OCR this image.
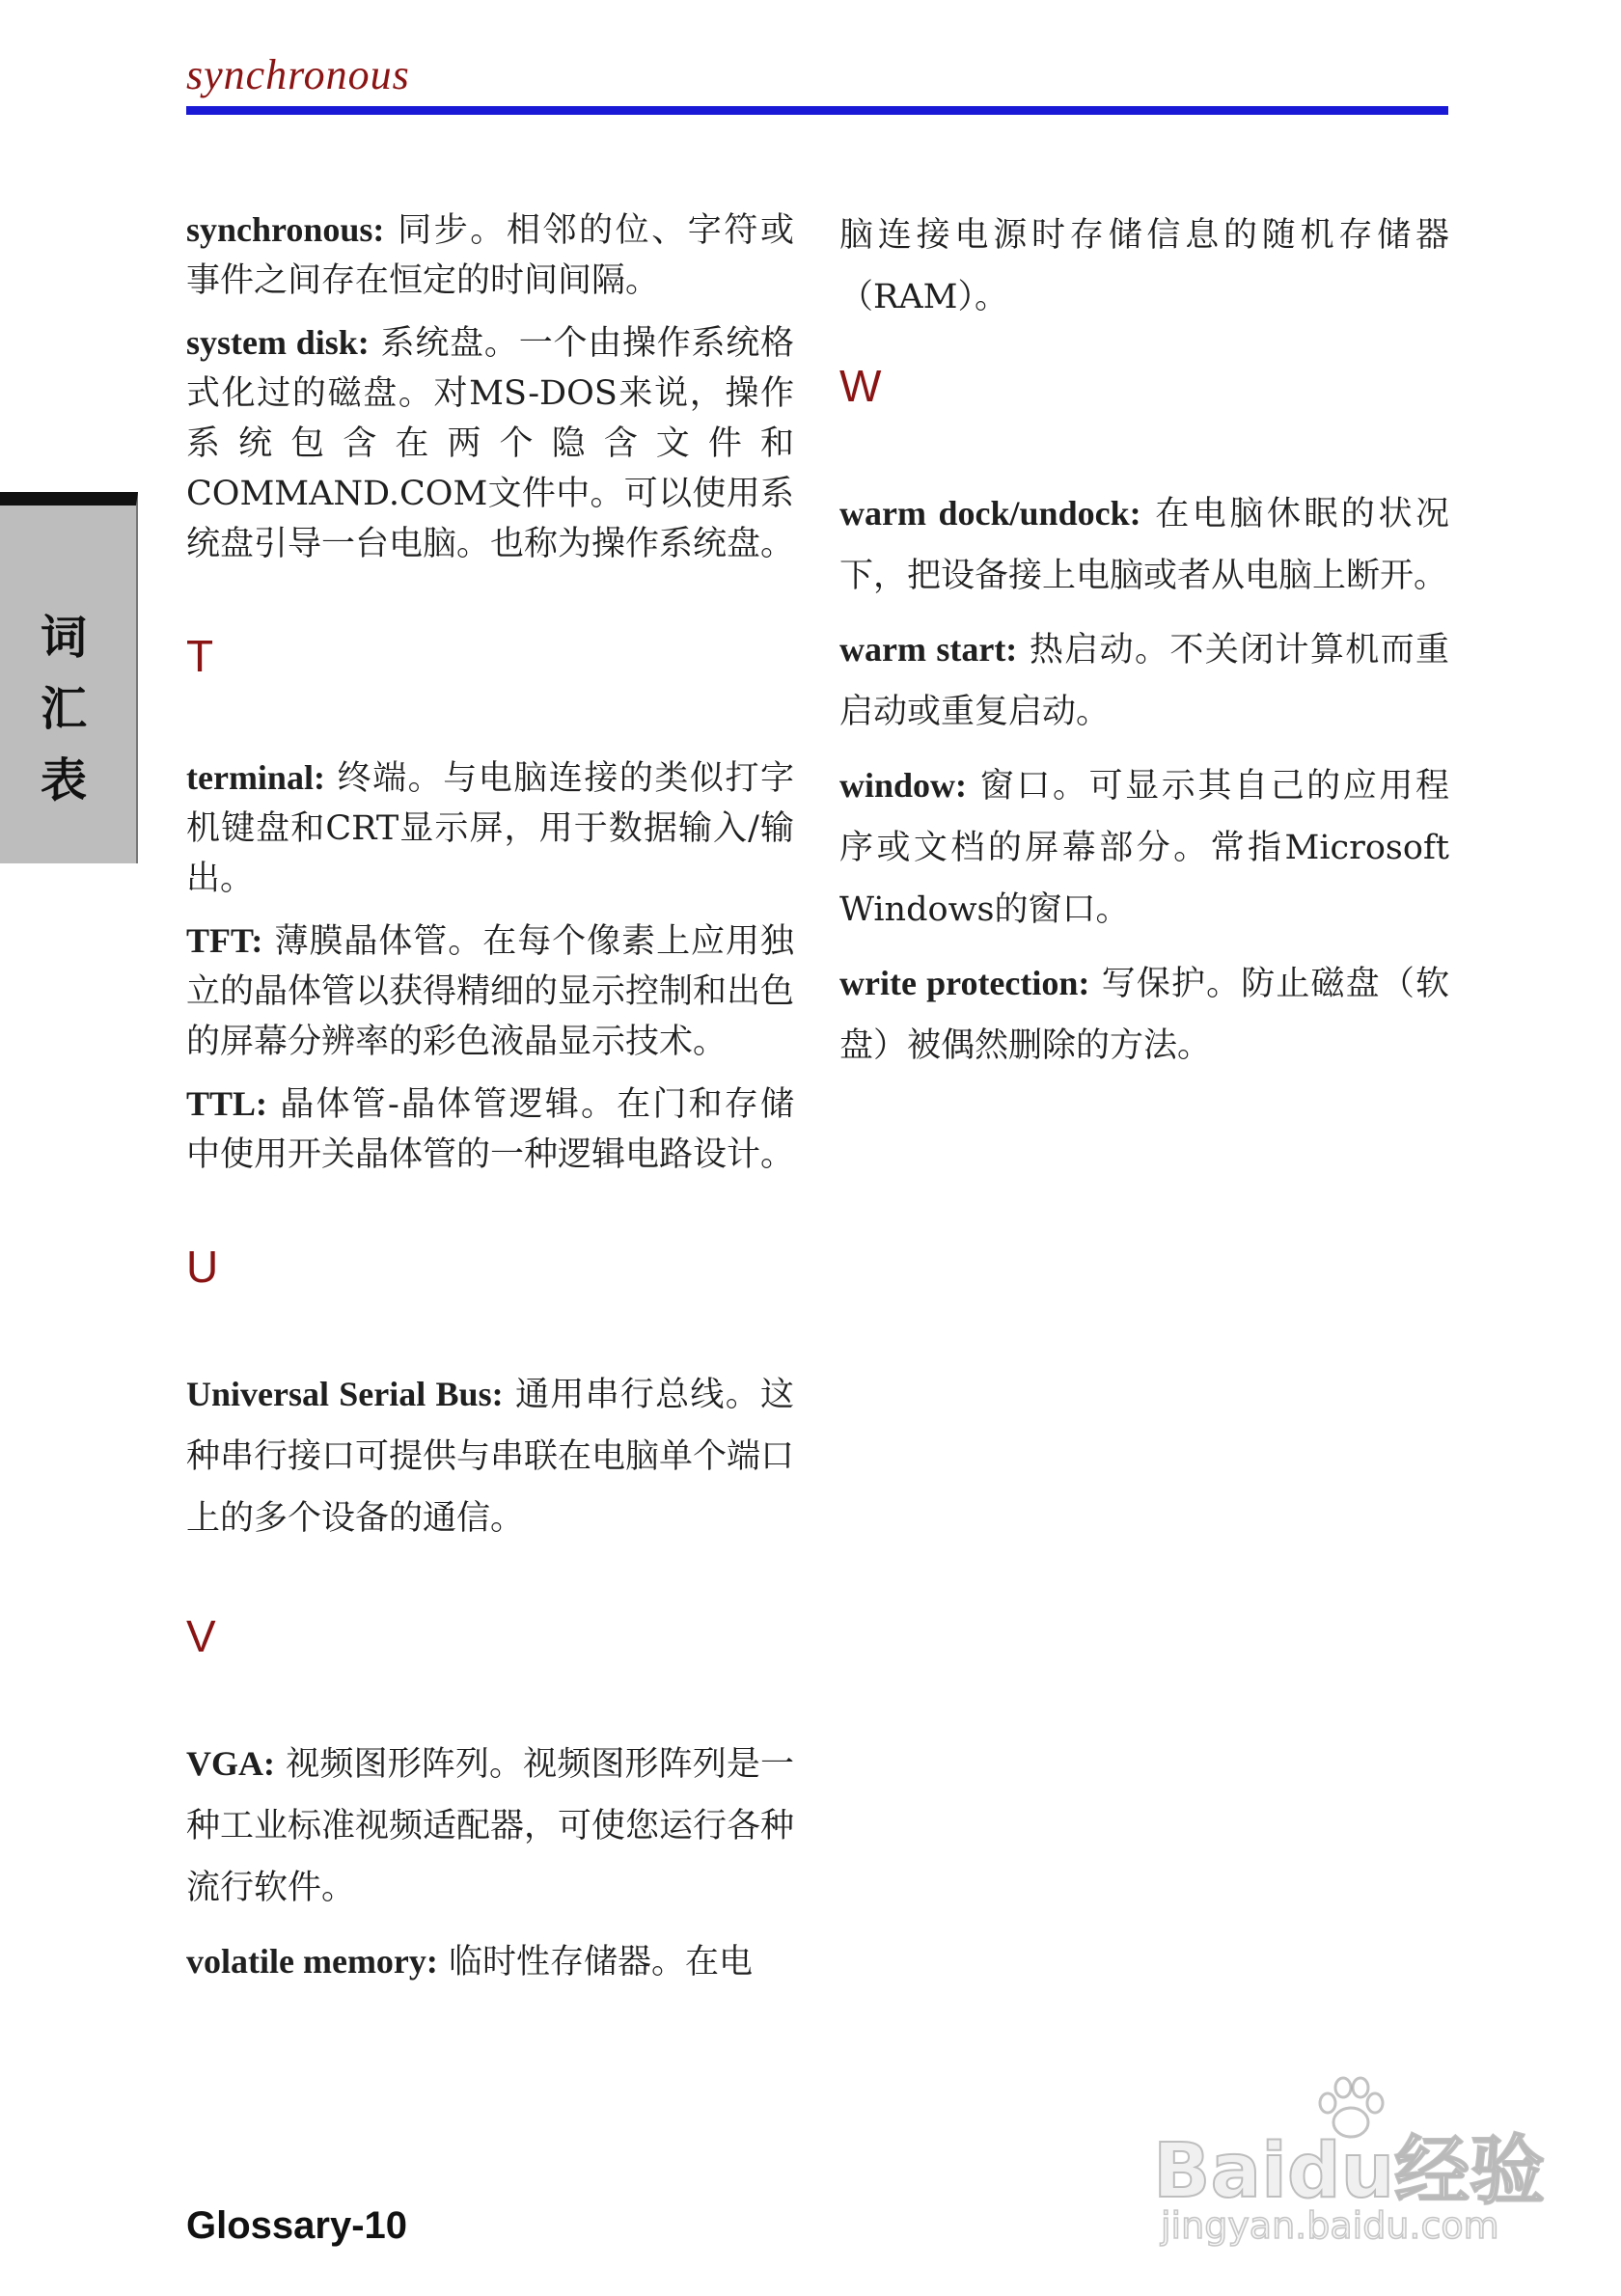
synchronous
词
汇
表

synchronous: 同步。相邻的位、字符或事件之间存在恒定的时间间隔。

system disk: 系统盘。一个由操作系统格式化过的磁盘。对MS-DOS来说，操作系统包含在两个隐含文件和COMMAND.COM文件中。可以使用系统盘引导一台电脑。也称为操作系统盘。

T

terminal: 终端。与电脑连接的类似打字机键盘和CRT显示屏，用于数据输入/输出。

TFT: 薄膜晶体管。在每个像素上应用独立的晶体管以获得精细的显示控制和出色的屏幕分辨率的彩色液晶显示技术。

TTL: 晶体管-晶体管逻辑。在门和存储中使用开关晶体管的一种逻辑电路设计。

U

Universal Serial Bus: 通用串行总线。这种串行接口可提供与串联在电脑单个端口上的多个设备的通信。

V

VGA: 视频图形阵列。视频图形阵列是一种工业标准视频适配器，可使您运行各种流行软件。

volatile memory: 临时性存储器。在电

脑连接电源时存储信息的随机存储器（RAM）。

W

warm dock/undock: 在电脑休眠的状况下，把设备接上电脑或者从电脑上断开。

warm start: 热启动。不关闭计算机而重启动或重复启动。

window: 窗口。可显示其自己的应用程序或文档的屏幕部分。常指Microsoft Windows的窗口。

write protection: 写保护。防止磁盘（软盘）被偶然删除的方法。

Glossary-10
Baidu经验
jingyan.baidu.com
